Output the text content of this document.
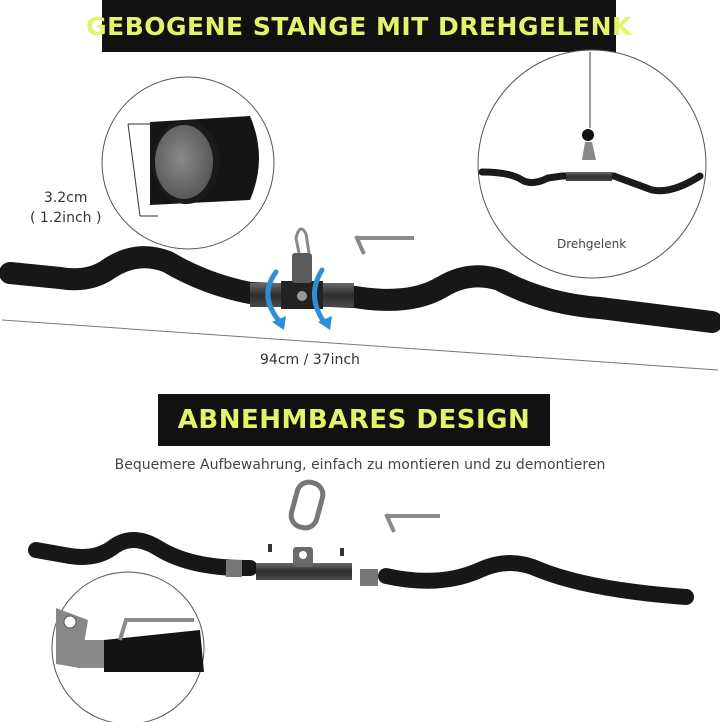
GEBOGENE STANGE MIT DREHGELENK
ABNEHMBARES DESIGN
3.2cm
( 1.2inch )
Drehgelenk
94cm / 37inch
Bequemere Aufbewahrung, einfach zu montieren und zu demontieren
